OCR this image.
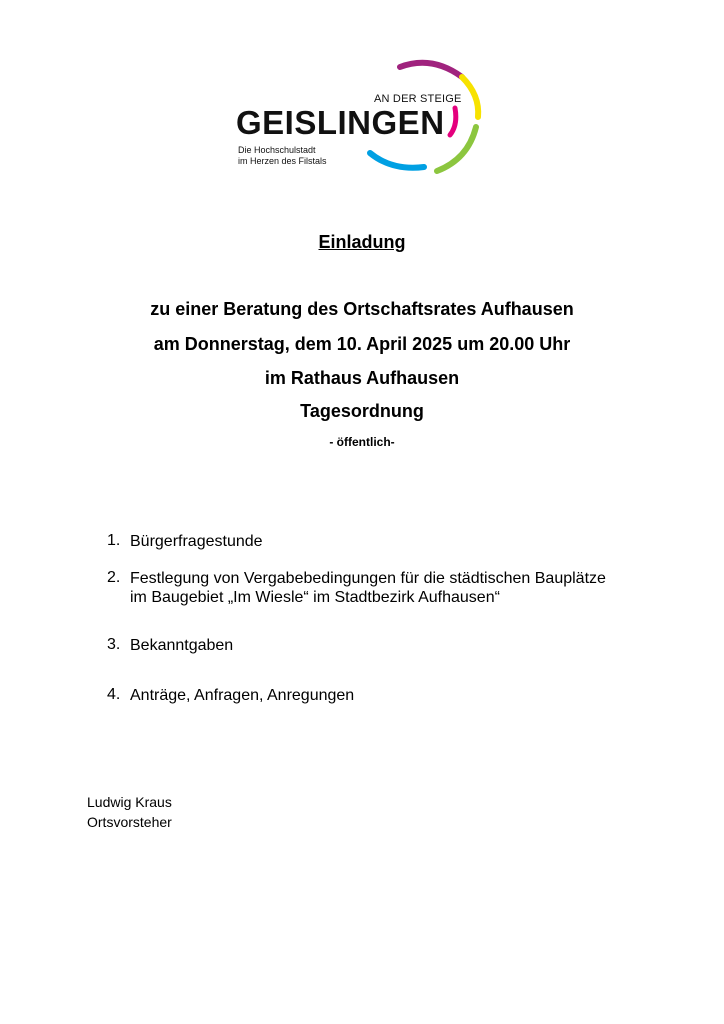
AN DER STEIGE
GEISLINGEN
Die Hochschulstadt
im Herzen des Filstals
Einladung
zu einer Beratung des Ortschaftsrates Aufhausen
am Donnerstag, dem 10. April 2025 um 20.00 Uhr
im Rathaus Aufhausen
Tagesordnung
- öffentlich-
1. Bürgerfragestunde
2. Festlegung von Vergabebedingungen für die städtischen Bauplätze
im Baugebiet „Im Wiesle“ im Stadtbezirk Aufhausen“
3. Bekanntgaben
4. Anträge, Anfragen, Anregungen
Ludwig Kraus
Ortsvorsteher
